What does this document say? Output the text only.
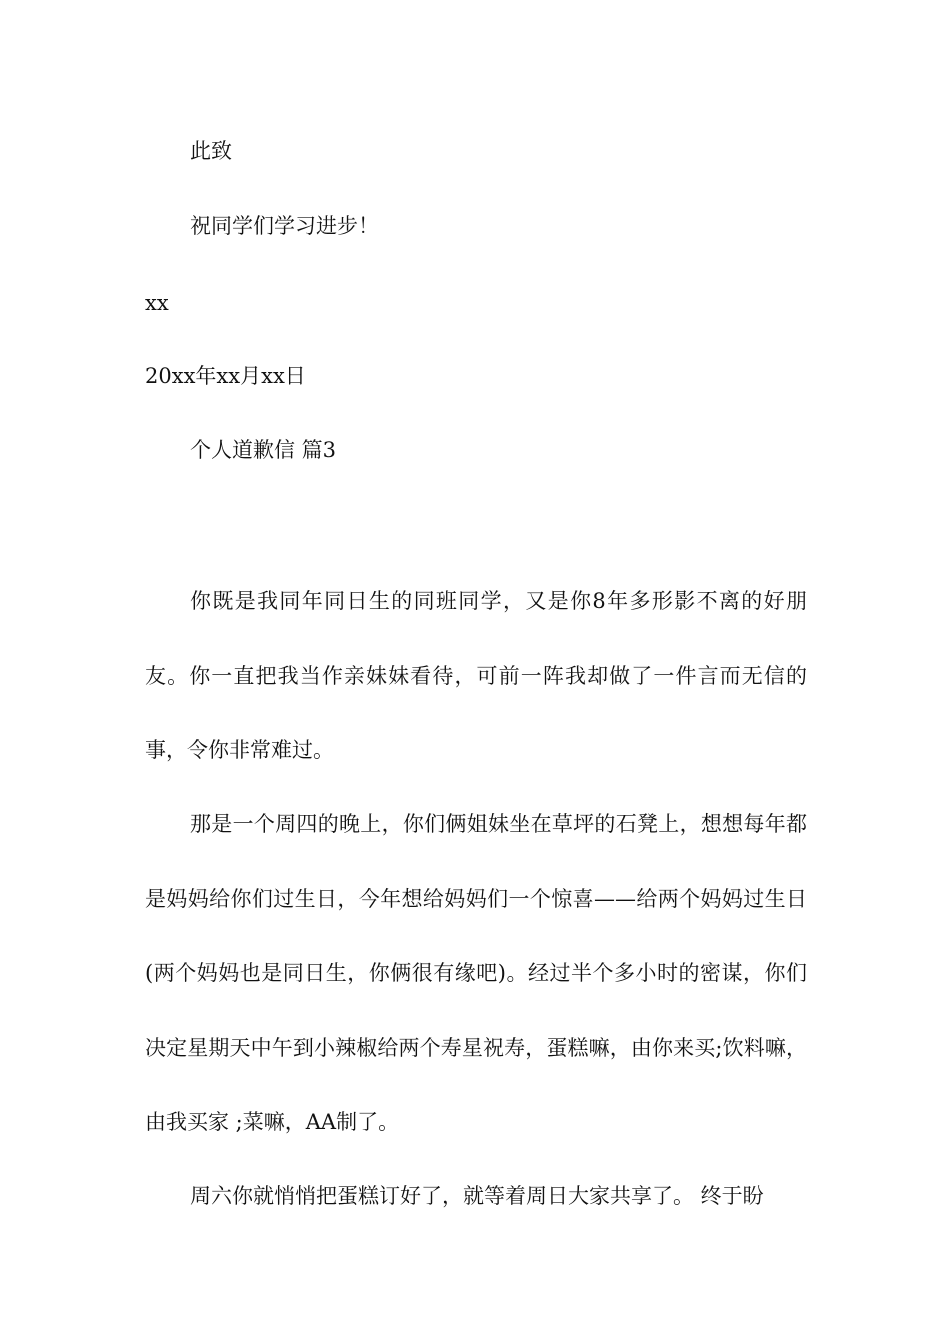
此致

祝同学们学习进步！

xx

20xx年xx月xx日

个人道歉信 篇3

你既是我同年同日生的同班同学，又是你8年多形影不离的好朋友。你一直把我当作亲妹妹看待，可前一阵我却做了一件言而无信的事，令你非常难过。

那是一个周四的晚上，你们俩姐妹坐在草坪的石凳上，想想每年都是妈妈给你们过生日，今年想给妈妈们一个惊喜——给两个妈妈过生日(两个妈妈也是同日生，你俩很有缘吧)。经过半个多小时的密谋，你们决定星期天中午到小辣椒给两个寿星祝寿，蛋糕嘛，由你来买;饮料嘛，由我买家 ;菜嘛，AA制了。

周六你就悄悄把蛋糕订好了，就等着周日大家共享了。 终于盼
